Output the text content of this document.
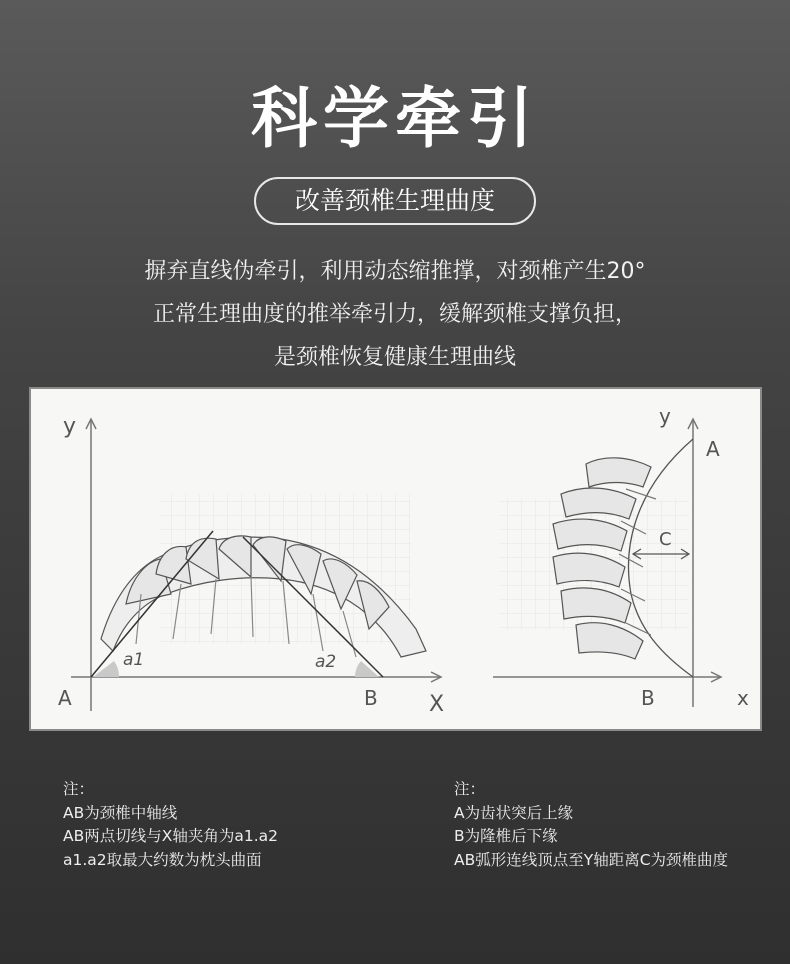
科学牵引
改善颈椎生理曲度
摒弃直线伪牵引，利用动态缩推撑，对颈椎产生20°
正常生理曲度的推举牵引力，缓解颈椎支撑负担，
是颈椎恢复健康生理曲线
y
X
A	B
a1	a2
y
x
A
B
C
注：
AB为颈椎中轴线
AB两点切线与X轴夹角为a1.a2
a1.a2取最大约数为枕头曲面
注：
A为齿状突后上缘
B为隆椎后下缘
AB弧形连线顶点至Y轴距离C为颈椎曲度
